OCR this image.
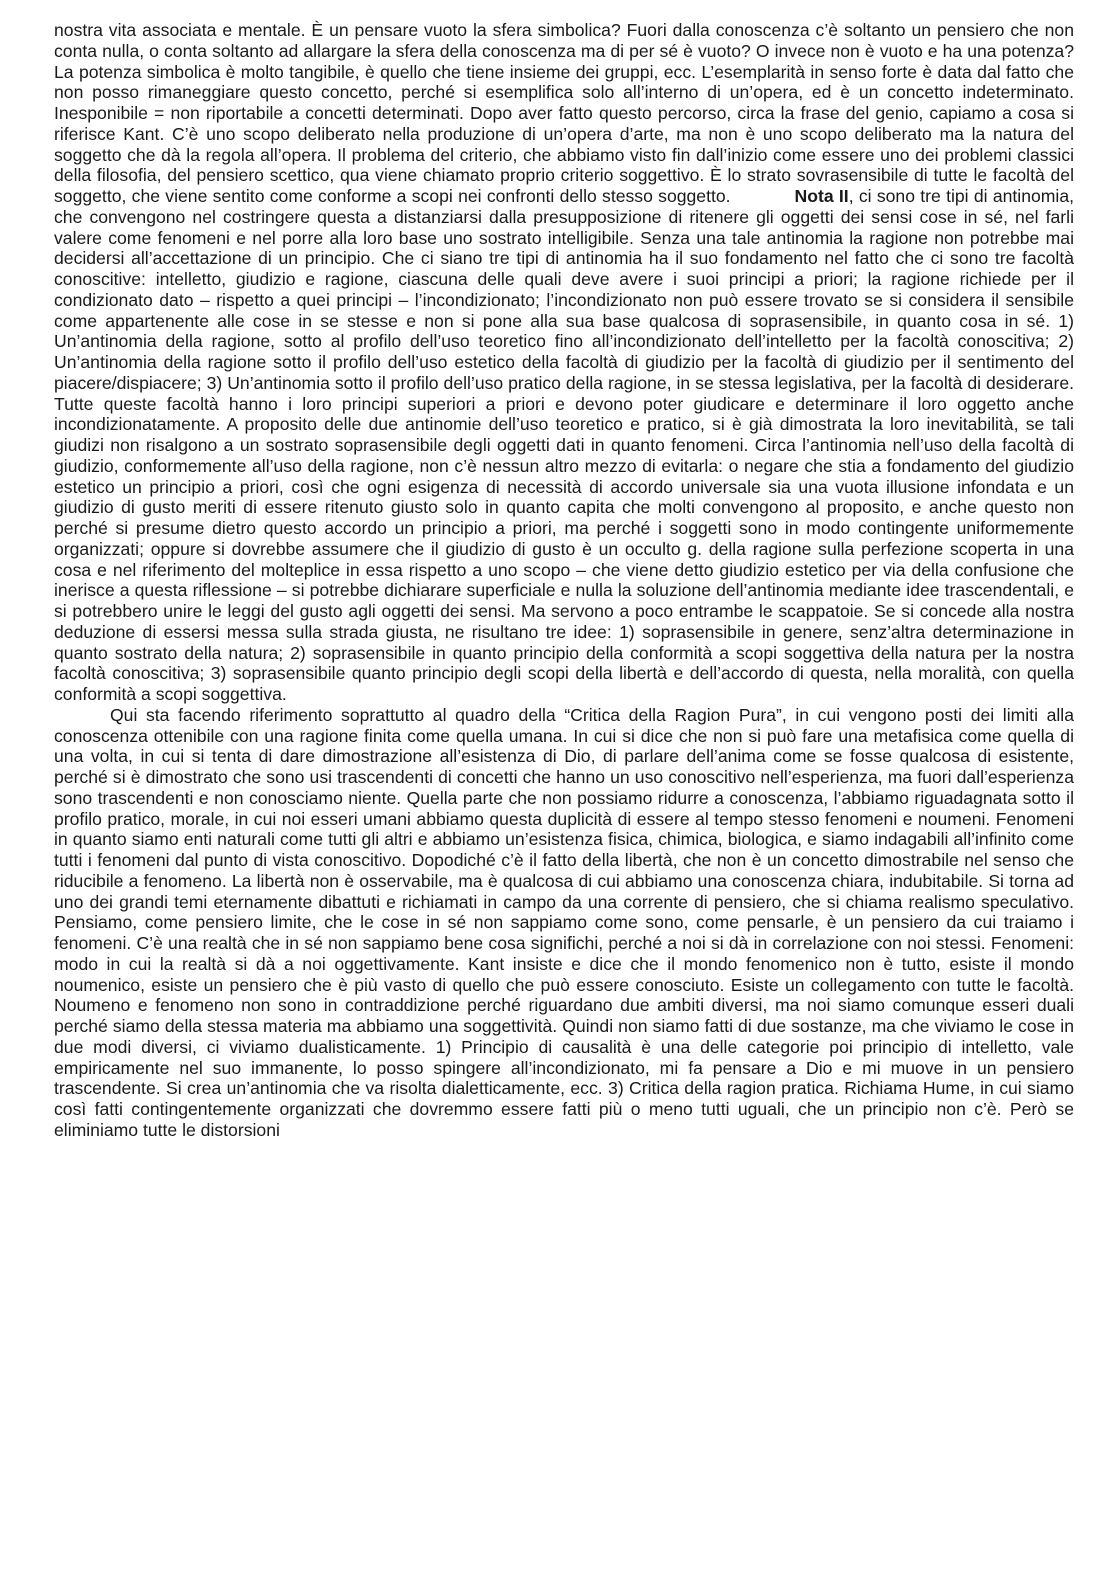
nostra vita associata e mentale. È un pensare vuoto la sfera simbolica? Fuori dalla conoscenza c’è soltanto un pensiero che non conta nulla, o conta soltanto ad allargare la sfera della conoscenza ma di per sé è vuoto? O invece non è vuoto e ha una potenza? La potenza simbolica è molto tangibile, è quello che tiene insieme dei gruppi, ecc. L’esemplarità in senso forte è data dal fatto che non posso rimaneggiare questo concetto, perché si esemplifica solo all’interno di un’opera, ed è un concetto indeterminato. Inesponibile = non riportabile a concetti determinati. Dopo aver fatto questo percorso, circa la frase del genio, capiamo a cosa si riferisce Kant. C’è uno scopo deliberato nella produzione di un’opera d’arte, ma non è uno scopo deliberato ma la natura del soggetto che dà la regola all’opera. Il problema del criterio, che abbiamo visto fin dall’inizio come essere uno dei problemi classici della filosofia, del pensiero scettico, qua viene chiamato proprio criterio soggettivo. È lo strato sovrasensibile di tutte le facoltà del soggetto, che viene sentito come conforme a scopi nei confronti dello stesso soggetto.	Nota II, ci sono tre tipi di antinomia, che convengono nel costringere questa a distanziarsi dalla presupposizione di ritenere gli oggetti dei sensi cose in sé, nel farli valere come fenomeni e nel porre alla loro base uno sostrato intelligibile. Senza una tale antinomia la ragione non potrebbe mai decidersi all’accettazione di un principio. Che ci siano tre tipi di antinomia ha il suo fondamento nel fatto che ci sono tre facoltà conoscitive: intelletto, giudizio e ragione, ciascuna delle quali deve avere i suoi principi a priori; la ragione richiede per il condizionato dato – rispetto a quei principi – l’incondizionato; l’incondizionato non può essere trovato se si considera il sensibile come appartenente alle cose in se stesse e non si pone alla sua base qualcosa di soprasensibile, in quanto cosa in sé. 1) Un’antinomia della ragione, sotto al profilo dell’uso teoretico fino all’incondizionato dell’intelletto per la facoltà conoscitiva; 2) Un’antinomia della ragione sotto il profilo dell’uso estetico della facoltà di giudizio per la facoltà di giudizio per il sentimento del piacere/dispiacere; 3) Un’antinomia sotto il profilo dell’uso pratico della ragione, in se stessa legislativa, per la facoltà di desiderare. Tutte queste facoltà hanno i loro principi superiori a priori e devono poter giudicare e determinare il loro oggetto anche incondizionatamente. A proposito delle due antinomie dell’uso teoretico e pratico, si è già dimostrata la loro inevitabilità, se tali giudizi non risalgono a un sostrato soprasensibile degli oggetti dati in quanto fenomeni. Circa l’antinomia nell’uso della facoltà di giudizio, conformemente all’uso della ragione, non c’è nessun altro mezzo di evitarla: o negare che stia a fondamento del giudizio estetico un principio a priori, così che ogni esigenza di necessità di accordo universale sia una vuota illusione infondata e un giudizio di gusto meriti di essere ritenuto giusto solo in quanto capita che molti convengono al proposito, e anche questo non perché si presume dietro questo accordo un principio a priori, ma perché i soggetti sono in modo contingente uniformemente organizzati; oppure si dovrebbe assumere che il giudizio di gusto è un occulto g. della ragione sulla perfezione scoperta in una cosa e nel riferimento del molteplice in essa rispetto a uno scopo – che viene detto giudizio estetico per via della confusione che inerisce a questa riflessione – si potrebbe dichiarare superficiale e nulla la soluzione dell’antinomia mediante idee trascendentali, e si potrebbero unire le leggi del gusto agli oggetti dei sensi. Ma servono a poco entrambe le scappatoie. Se si concede alla nostra deduzione di essersi messa sulla strada giusta, ne risultano tre idee: 1) soprasensibile in genere, senz’altra determinazione in quanto sostrato della natura; 2) soprasensibile in quanto principio della conformità a scopi soggettiva della natura per la nostra facoltà conoscitiva; 3) soprasensibile quanto principio degli scopi della libertà e dell’accordo di questa, nella moralità, con quella conformità a scopi soggettiva.

Qui sta facendo riferimento soprattutto al quadro della “Critica della Ragion Pura”, in cui vengono posti dei limiti alla conoscenza ottenibile con una ragione finita come quella umana. In cui si dice che non si può fare una metafisica come quella di una volta, in cui si tenta di dare dimostrazione all’esistenza di Dio, di parlare dell’anima come se fosse qualcosa di esistente, perché si è dimostrato che sono usi trascendenti di concetti che hanno un uso conoscitivo nell’esperienza, ma fuori dall’esperienza sono trascendenti e non conosciamo niente. Quella parte che non possiamo ridurre a conoscenza, l’abbiamo riguadagnata sotto il profilo pratico, morale, in cui noi esseri umani abbiamo questa duplicità di essere al tempo stesso fenomeni e noumeni. Fenomeni in quanto siamo enti naturali come tutti gli altri e abbiamo un’esistenza fisica, chimica, biologica, e siamo indagabili all’infinito come tutti i fenomeni dal punto di vista conoscitivo. Dopodiché c’è il fatto della libertà, che non è un concetto dimostrabile nel senso che riducibile a fenomeno. La libertà non è osservabile, ma è qualcosa di cui abbiamo una conoscenza chiara, indubitabile. Si torna ad uno dei grandi temi eternamente dibattuti e richiamati in campo da una corrente di pensiero, che si chiama realismo speculativo. Pensiamo, come pensiero limite, che le cose in sé non sappiamo come sono, come pensarle, è un pensiero da cui traiamo i fenomeni. C’è una realtà che in sé non sappiamo bene cosa significhi, perché a noi si dà in correlazione con noi stessi. Fenomeni: modo in cui la realtà si dà a noi oggettivamente. Kant insiste e dice che il mondo fenomenico non è tutto, esiste il mondo noumenico, esiste un pensiero che è più vasto di quello che può essere conosciuto. Esiste un collegamento con tutte le facoltà. Noumeno e fenomeno non sono in contraddizione perché riguardano due ambiti diversi, ma noi siamo comunque esseri duali perché siamo della stessa materia ma abbiamo una soggettività. Quindi non siamo fatti di due sostanze, ma che viviamo le cose in due modi diversi, ci viviamo dualisticamente. 1) Principio di causalità è una delle categorie poi principio di intelletto, vale empiricamente nel suo immanente, lo posso spingere all’incondizionato, mi fa pensare a Dio e mi muove in un pensiero trascendente. Si crea un’antinomia che va risolta dialetticamente, ecc. 3) Critica della ragion pratica. Richiama Hume, in cui siamo così fatti contingentemente organizzati che dovremmo essere fatti più o meno tutti uguali, che un principio non c’è. Però se eliminiamo tutte le distorsioni
